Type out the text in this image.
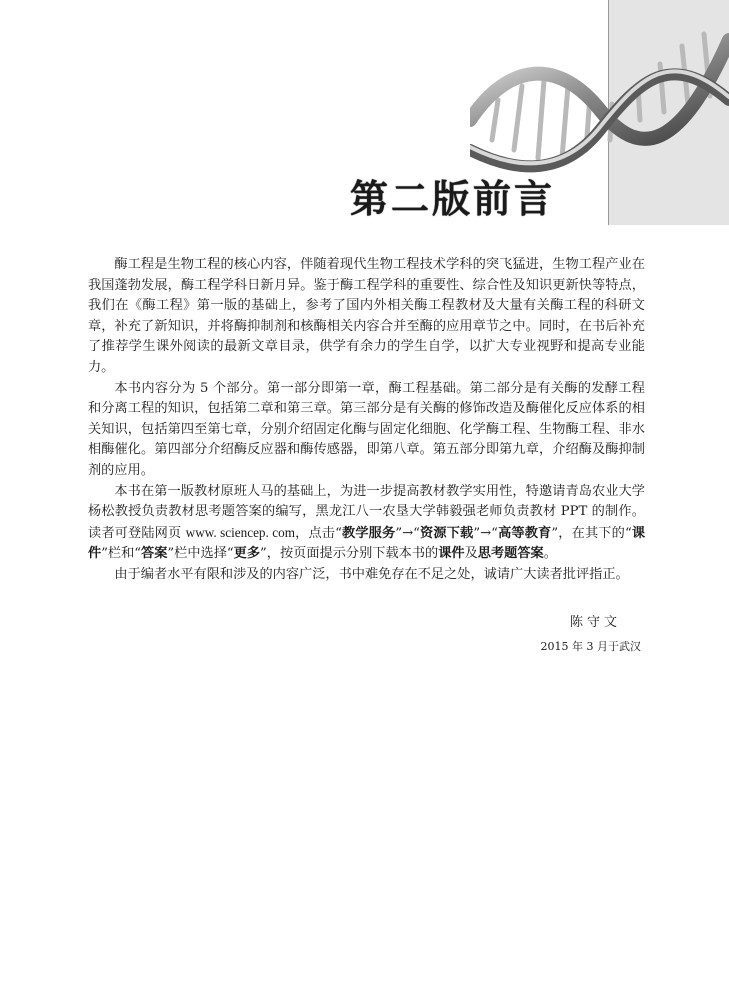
第二版前言

酶工程是生物工程的核心内容，伴随着现代生物工程技术学科的突飞猛进，生物工程产业在我国蓬勃发展，酶工程学科日新月异。鉴于酶工程学科的重要性、综合性及知识更新快等特点，我们在《酶工程》第一版的基础上，参考了国内外相关酶工程教材及大量有关酶工程的科研文章，补充了新知识，并将酶抑制剂和核酶相关内容合并至酶的应用章节之中。同时，在书后补充了推荐学生课外阅读的最新文章目录，供学有余力的学生自学，以扩大专业视野和提高专业能力。

本书内容分为 5 个部分。第一部分即第一章，酶工程基础。第二部分是有关酶的发酵工程和分离工程的知识，包括第二章和第三章。第三部分是有关酶的修饰改造及酶催化反应体系的相关知识，包括第四至第七章，分别介绍固定化酶与固定化细胞、化学酶工程、生物酶工程、非水相酶催化。第四部分介绍酶反应器和酶传感器，即第八章。第五部分即第九章，介绍酶及酶抑制剂的应用。

本书在第一版教材原班人马的基础上，为进一步提高教材教学实用性，特邀请青岛农业大学杨松教授负责教材思考题答案的编写，黑龙江八一农垦大学韩毅强老师负责教材 PPT 的制作。读者可登陆网页 www. sciencep. com，点击“教学服务”→“资源下载”→“高等教育”，在其下的“课件”栏和“答案”栏中选择“更多”，按页面提示分别下载本书的课件及思考题答案。

由于编者水平有限和涉及的内容广泛，书中难免存在不足之处，诚请广大读者批评指正。

陈守文

2015 年 3 月于武汉
